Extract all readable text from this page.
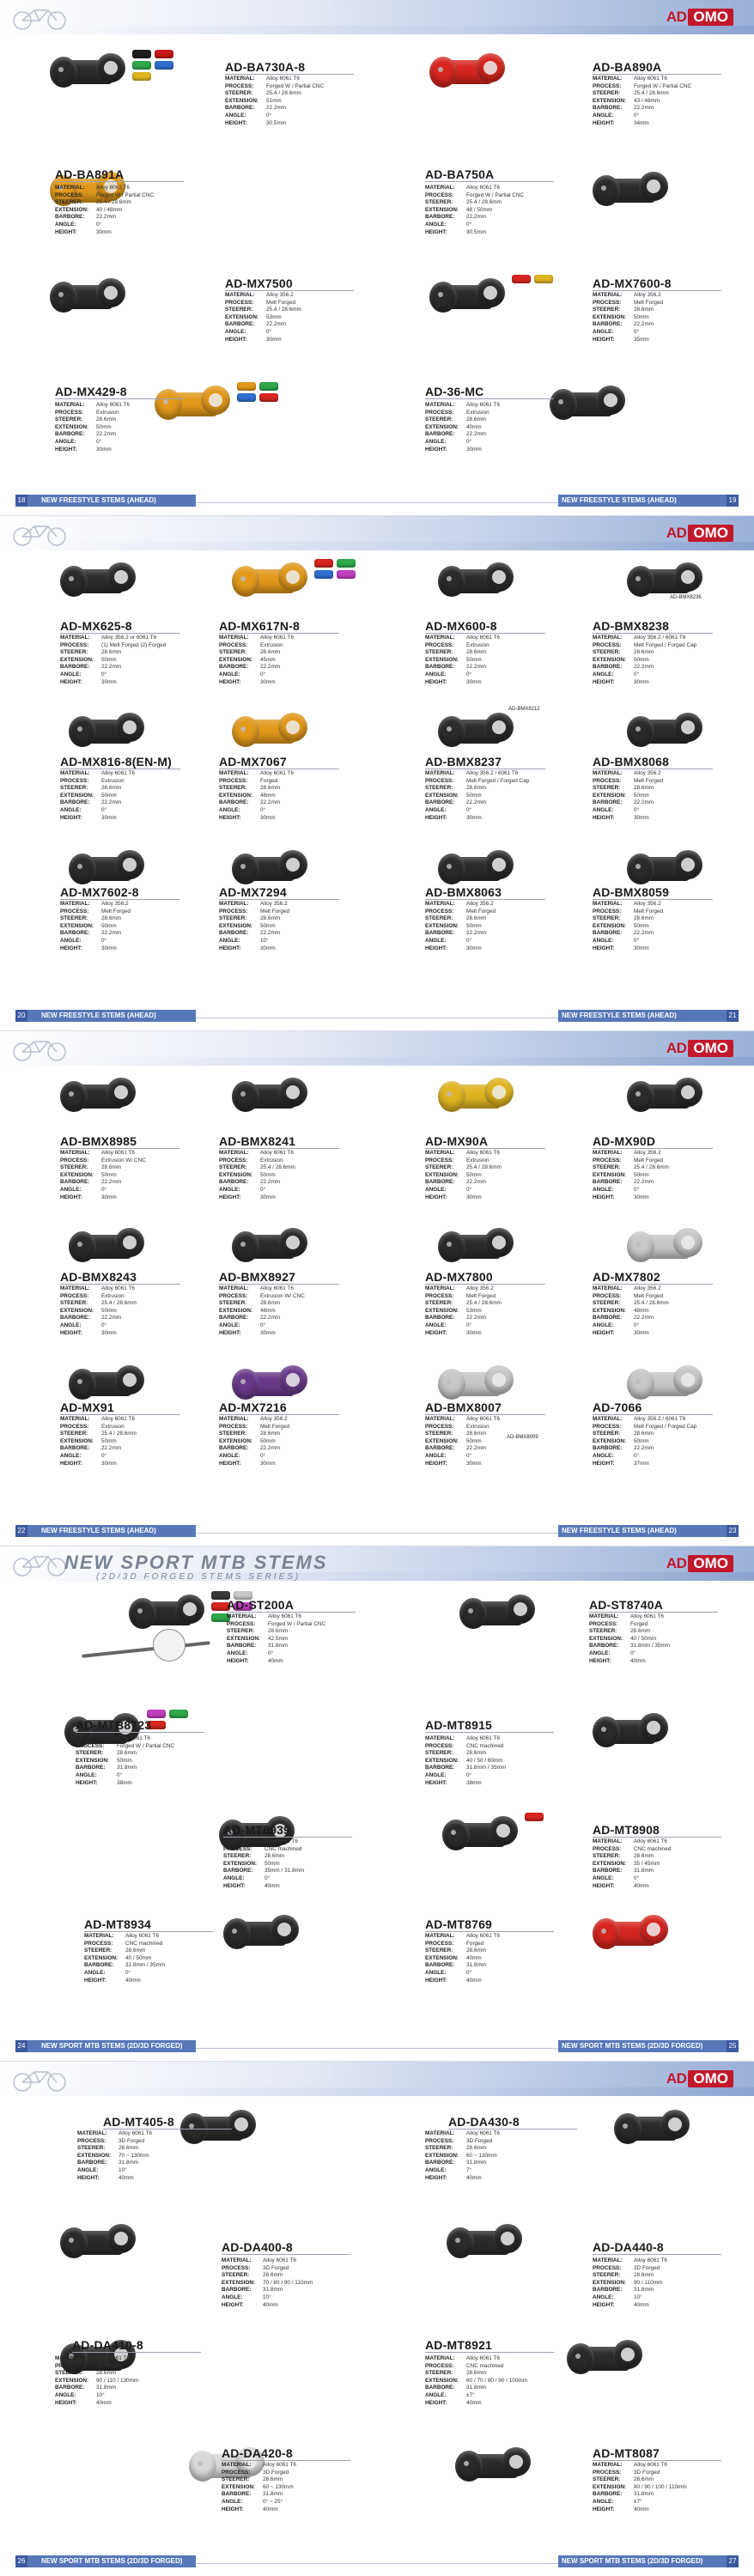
AD OMO
AD-BA730A-8
MATERIAL: Alloy 6061 T6
PROCESS: Forged W / Partial CNC
STEERER: 25.4 / 28.6mm
EXTENSION: 51mm
BARBORE: 22.2mm
ANGLE:	0°
HEIGHT:	30.5mm
AD-BA890A
MATERIAL: Alloy 6061 T6
PROCESS: Forged W / Partial CNC
STEERER: 25.4 / 28.6mm
EXTENSION: 43 / 48mm
BARBORE: 22.2mm
ANGLE:	0°
HEIGHT:	34mm
AD-BA891A
MATERIAL: Alloy 6061 T6
PROCESS: Forged W / Partial CNC
STEERER: 25.4 / 28.6mm
EXTENSION: 40 / 48mm
BARBORE: 22.2mm
ANGLE:	0°
HEIGHT:	30mm
AD-BA750A
MATERIAL: Alloy 6061 T6
PROCESS: Forged W / Partial CNC
STEERER: 25.4 / 28.6mm
EXTENSION: 48 / 50mm
BARBORE: 22.2mm
ANGLE:	0°
HEIGHT:	30.5mm
AD-MX7500
MATERIAL: Alloy 356.2
PROCESS: Melt Forged
STEERER: 25.4 / 28.6mm
EXTENSION: 53mm
BARBORE: 22.2mm
ANGLE:	0°
HEIGHT:	30mm
AD-MX7600-8
MATERIAL: Alloy 356.2
PROCESS: Melt Forged
STEERER: 28.6mm
EXTENSION: 50mm
BARBORE: 22.2mm
ANGLE:	0°
HEIGHT:	35mm
AD-MX429-8
MATERIAL: Alloy 6061 T6
PROCESS: Extrusion
STEERER: 28.6mm
EXTENSION: 50mm
BARBORE: 22.2mm
ANGLE:	0°
HEIGHT:	30mm
AD-36-MC
MATERIAL: Alloy 6061 T6
PROCESS: Extrusion
STEERER: 28.6mm
EXTENSION: 40mm
BARBORE: 22.2mm
ANGLE:	0°
HEIGHT:	30mm
18	NEW FREESTYLE STEMS (AHEAD)	NEW FREESTYLE STEMS (AHEAD)	19
AD OMO
AD-MX625-8
MATERIAL: Alloy 356.2 or 6061 T6
PROCESS: (1) Melt Forged (2) Forged
STEERER: 28.6mm
EXTENSION: 50mm
BARBORE: 22.2mm
ANGLE:	0°
HEIGHT:	30mm
AD-MX617N-8
MATERIAL: Alloy 6061 T6
PROCESS: Extrusion
STEERER: 28.6mm
EXTENSION: 45mm
BARBORE: 22.2mm
ANGLE:	0°
HEIGHT:	30mm
AD-MX600-8
MATERIAL: Alloy 6061 T6
PROCESS: Extrusion
STEERER: 28.6mm
EXTENSION: 50mm
BARBORE: 22.2mm
ANGLE:	0°
HEIGHT:	30mm
AD-BMX8238
MATERIAL: Alloy 356.2 / 6061 T6
PROCESS: Melt Forged / Forged Cap
STEERER: 28.6mm
EXTENSION: 50mm
BARBORE: 22.2mm
ANGLE:	0°
HEIGHT:	30mm
AD-MX816-8(EN-M)
MATERIAL: Alloy 6061 T6
PROCESS: Extrusion
STEERER: 28.6mm
EXTENSION: 50mm
BARBORE: 22.2mm
ANGLE:	0°
HEIGHT:	30mm
AD-MX7067
MATERIAL: Alloy 6061 T6
PROCESS: Forged
STEERER: 28.6mm
EXTENSION: 48mm
BARBORE: 22.2mm
ANGLE:	0°
HEIGHT:	30mm
AD-BMX8237
MATERIAL: Alloy 356.2 / 6061 T6
PROCESS: Melt Forged / Forged Cap
STEERER: 28.6mm
EXTENSION: 50mm
BARBORE: 22.2mm
ANGLE:	0°
HEIGHT:	30mm
AD-BMX8068
MATERIAL: Alloy 356.2
PROCESS: Melt Forged
STEERER: 28.6mm
EXTENSION: 50mm
BARBORE: 22.2mm
ANGLE:	0°
HEIGHT:	30mm
AD-MX7602-8
MATERIAL: Alloy 356.2
PROCESS: Melt Forged
STEERER: 28.6mm
EXTENSION: 50mm
BARBORE: 22.2mm
ANGLE:	0°
HEIGHT:	30mm
AD-MX7294
MATERIAL: Alloy 356.2
PROCESS: Melt Forged
STEERER: 28.6mm
EXTENSION: 50mm
BARBORE: 22.2mm
ANGLE:	10°
HEIGHT:	30mm
AD-BMX8063
MATERIAL: Alloy 356.2
PROCESS: Melt Forged
STEERER: 28.6mm
EXTENSION: 50mm
BARBORE: 22.2mm
ANGLE:	0°
HEIGHT:	30mm
AD-BMX8059
MATERIAL: Alloy 356.2
PROCESS: Melt Forged
STEERER: 28.6mm
EXTENSION: 50mm
BARBORE: 22.2mm
ANGLE:	0°
HEIGHT:	30mm
AD-BMX8236
AD-BMX8212
20	NEW FREESTYLE STEMS (AHEAD)	NEW FREESTYLE STEMS (AHEAD)	21
AD OMO
AD-BMX8985
MATERIAL: Alloy 6061 T6
PROCESS: Extrusion W/ CNC
STEERER: 28.6mm
EXTENSION: 50mm
BARBORE: 22.2mm
ANGLE:	0°
HEIGHT:	30mm
AD-BMX8241
MATERIAL: Alloy 6061 T6
PROCESS: Extrusion
STEERER: 25.4 / 28.6mm
EXTENSION: 50mm
BARBORE: 22.2mm
ANGLE:	0°
HEIGHT:	30mm
AD-MX90A
MATERIAL: Alloy 6061 T6
PROCESS: Extrusion
STEERER: 25.4 / 28.6mm
EXTENSION: 50mm
BARBORE: 22.2mm
ANGLE:	0°
HEIGHT:	30mm
AD-MX90D
MATERIAL: Alloy 356.2
PROCESS: Melt Forged
STEERER: 25.4 / 28.6mm
EXTENSION: 50mm
BARBORE: 22.2mm
ANGLE:	0°
HEIGHT:	30mm
AD-BMX8243
MATERIAL: Alloy 6061 T6
PROCESS: Extrusion
STEERER: 25.4 / 28.6mm
EXTENSION: 50mm
BARBORE: 22.2mm
ANGLE:	0°
HEIGHT:	30mm
AD-BMX8927
MATERIAL: Alloy 6061 T6
PROCESS: Extrusion W/ CNC
STEERER: 28.6mm
EXTENSION: 48mm
BARBORE: 22.2mm
ANGLE:	0°
HEIGHT:	30mm
AD-MX7800
MATERIAL: Alloy 356.2
PROCESS: Melt Forged
STEERER: 25.4 / 28.6mm
EXTENSION: 53mm
BARBORE: 22.2mm
ANGLE:	0°
HEIGHT:	30mm
AD-MX7802
MATERIAL: Alloy 356.2
PROCESS: Melt Forged
STEERER: 25.4 / 28.6mm
EXTENSION: 48mm
BARBORE: 22.2mm
ANGLE:	0°
HEIGHT:	30mm
AD-MX91
MATERIAL: Alloy 6061 T6
PROCESS: Extrusion
STEERER: 25.4 / 28.6mm
EXTENSION: 50mm
BARBORE: 22.2mm
ANGLE:	0°
HEIGHT:	30mm
AD-MX7216
MATERIAL: Alloy 356.2
PROCESS: Melt Forged
STEERER: 28.6mm
EXTENSION: 50mm
BARBORE: 22.2mm
ANGLE:	0°
HEIGHT:	30mm
AD-BMX8007
MATERIAL: Alloy 6061 T6
PROCESS: Extrusion
STEERER: 28.6mm
EXTENSION: 50mm
BARBORE: 22.2mm
ANGLE:	0°
HEIGHT:	30mm
AD-7066
MATERIAL: Alloy 356.2 / 6061 T6
PROCESS: Melt Forged / Forged Cap
STEERER: 28.6mm
EXTENSION: 50mm
BARBORE: 22.2mm
ANGLE:	0°
HEIGHT:	37mm
AD-BMX8009
22	NEW FREESTYLE STEMS (AHEAD)	NEW FREESTYLE STEMS (AHEAD)	23
AD OMO
NEW SPORT MTB STEMS
(2D/3D FORGED STEMS SERIES)
AD-ST200A
MATERIAL: Alloy 6061 T6
PROCESS: Forged W / Partial CNC
STEERER: 28.6mm
EXTENSION: 42.5mm
BARBORE: 31.8mm
ANGLE:	0°
HEIGHT:	40mm
AD-ST8740A
MATERIAL: Alloy 6061 T6
PROCESS: Forged
STEERER: 28.6mm
EXTENSION: 40 / 50mm
BARBORE: 31.8mm / 35mm
ANGLE:	0°
HEIGHT:	40mm
AD-MTB8723
MATERIAL: Alloy 6061 T6
PROCESS: Forged W / Partial CNC
STEERER: 28.6mm
EXTENSION: 50mm
BARBORE: 31.8mm
ANGLE:	0°
HEIGHT:	38mm
AD-MT8915
MATERIAL: Alloy 6061 T6
PROCESS: CNC machined
STEERER: 28.6mm
EXTENSION: 40 / 50 / 60mm
BARBORE: 31.8mm / 35mm
ANGLE:	0°
HEIGHT:	38mm
AD-MT8939
MATERIAL: Alloy 6061 T6
PROCESS: CNC machined
STEERER: 28.6mm
EXTENSION: 50mm
BARBORE: 35mm / 31.8mm
ANGLE:	0°
HEIGHT:	40mm
AD-MT8908
MATERIAL: Alloy 6061 T6
PROCESS: CNC machined
STEERER: 28.6mm
EXTENSION: 35 / 45mm
BARBORE: 31.8mm
ANGLE:	0°
HEIGHT:	40mm
AD-MT8934
MATERIAL: Alloy 6061 T6
PROCESS: CNC machined
STEERER: 28.6mm
EXTENSION: 40 / 50mm
BARBORE: 31.8mm / 35mm
ANGLE:	0°
HEIGHT:	40mm
AD-MT8769
MATERIAL: Alloy 6061 T6
PROCESS: Forged
STEERER: 28.6mm
EXTENSION: 40mm
BARBORE: 31.8mm
ANGLE:	0°
HEIGHT:	40mm
24	NEW SPORT MTB STEMS (2D/3D FORGED)	NEW SPORT MTB STEMS (2D/3D FORGED)	25
AD OMO
AD-MT405-8
MATERIAL: Alloy 6061 T6
PROCESS: 3D Forged
STEERER: 28.6mm
EXTENSION: 70 ~ 130mm
BARBORE: 31.8mm
ANGLE:	10°
HEIGHT:	40mm
AD-DA430-8
MATERIAL: Alloy 6061 T6
PROCESS: 3D Forged
STEERER: 28.6mm
EXTENSION: 60 ~ 130mm
BARBORE: 31.8mm
ANGLE:	7°
HEIGHT:	40mm
AD-DA400-8
MATERIAL: Alloy 6061 T6
PROCESS: 3D Forged
STEERER: 28.6mm
EXTENSION: 70 / 80 / 90 / 110mm
BARBORE: 31.8mm
ANGLE:	10°
HEIGHT:	40mm
AD-DA440-8
MATERIAL: Alloy 6061 T6
PROCESS: 3D Forged
STEERER: 28.6mm
EXTENSION: 90 / 110mm
BARBORE: 31.8mm
ANGLE:	10°
HEIGHT:	40mm
AD-DA410-8
MATERIAL: Alloy 6061 T6
PROCESS: 3D Forged
STEERER: 28.6mm
EXTENSION: 90 / 110 / 130mm
BARBORE: 31.8mm
ANGLE:	10°
HEIGHT:	40mm
AD-MT8921
MATERIAL: Alloy 6061 T6
PROCESS: CNC machined
STEERER: 28.6mm
EXTENSION: 60 / 70 / 80 / 90 / 100mm
BARBORE: 31.8mm
ANGLE:	±7°
HEIGHT:	40mm
AD-DA420-8
MATERIAL: Alloy 6061 T6
PROCESS: 3D Forged
STEERER: 28.6mm
EXTENSION: 60 ~ 130mm
BARBORE: 31.8mm
ANGLE:	0° ~ 25°
HEIGHT:	40mm
AD-MT8087
MATERIAL: Alloy 6061 T6
PROCESS: 3D Forged
STEERER: 28.6mm
EXTENSION: 80 / 90 / 100 / 110mm
BARBORE: 31.8mm
ANGLE:	±7°
HEIGHT:	40mm
26	NEW SPORT MTB STEMS (2D/3D FORGED)	NEW SPORT MTB STEMS (2D/3D FORGED)	27
